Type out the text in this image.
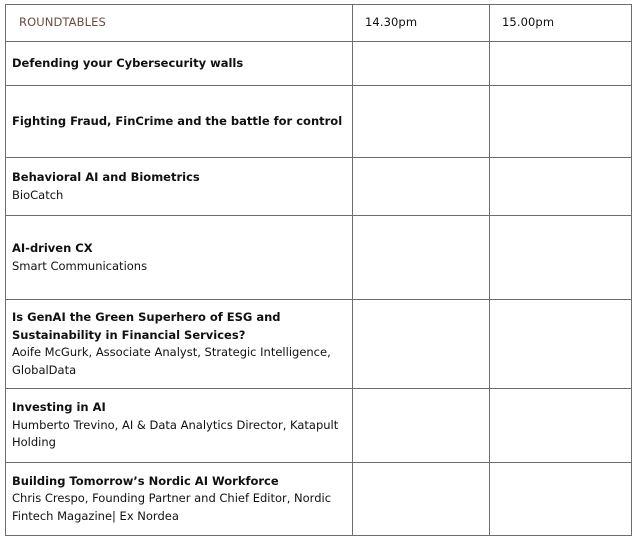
ROUNDTABLES	14.30pm	15.00pm

Defending your Cybersecurity walls		

Fighting Fraud, FinCrime and the battle for control		

Behavioral AI and Biometrics
BioCatch		

AI-driven CX
Smart Communications		

Is GenAI the Green Superhero of ESG and Sustainability in Financial Services?
Aoife McGurk, Associate Analyst, Strategic Intelligence, GlobalData		

Investing in AI
Humberto Trevino, AI & Data Analytics Director, Katapult Holding		

Building Tomorrow’s Nordic AI Workforce
Chris Crespo, Founding Partner and Chief Editor, Nordic Fintech Magazine| Ex Nordea		
